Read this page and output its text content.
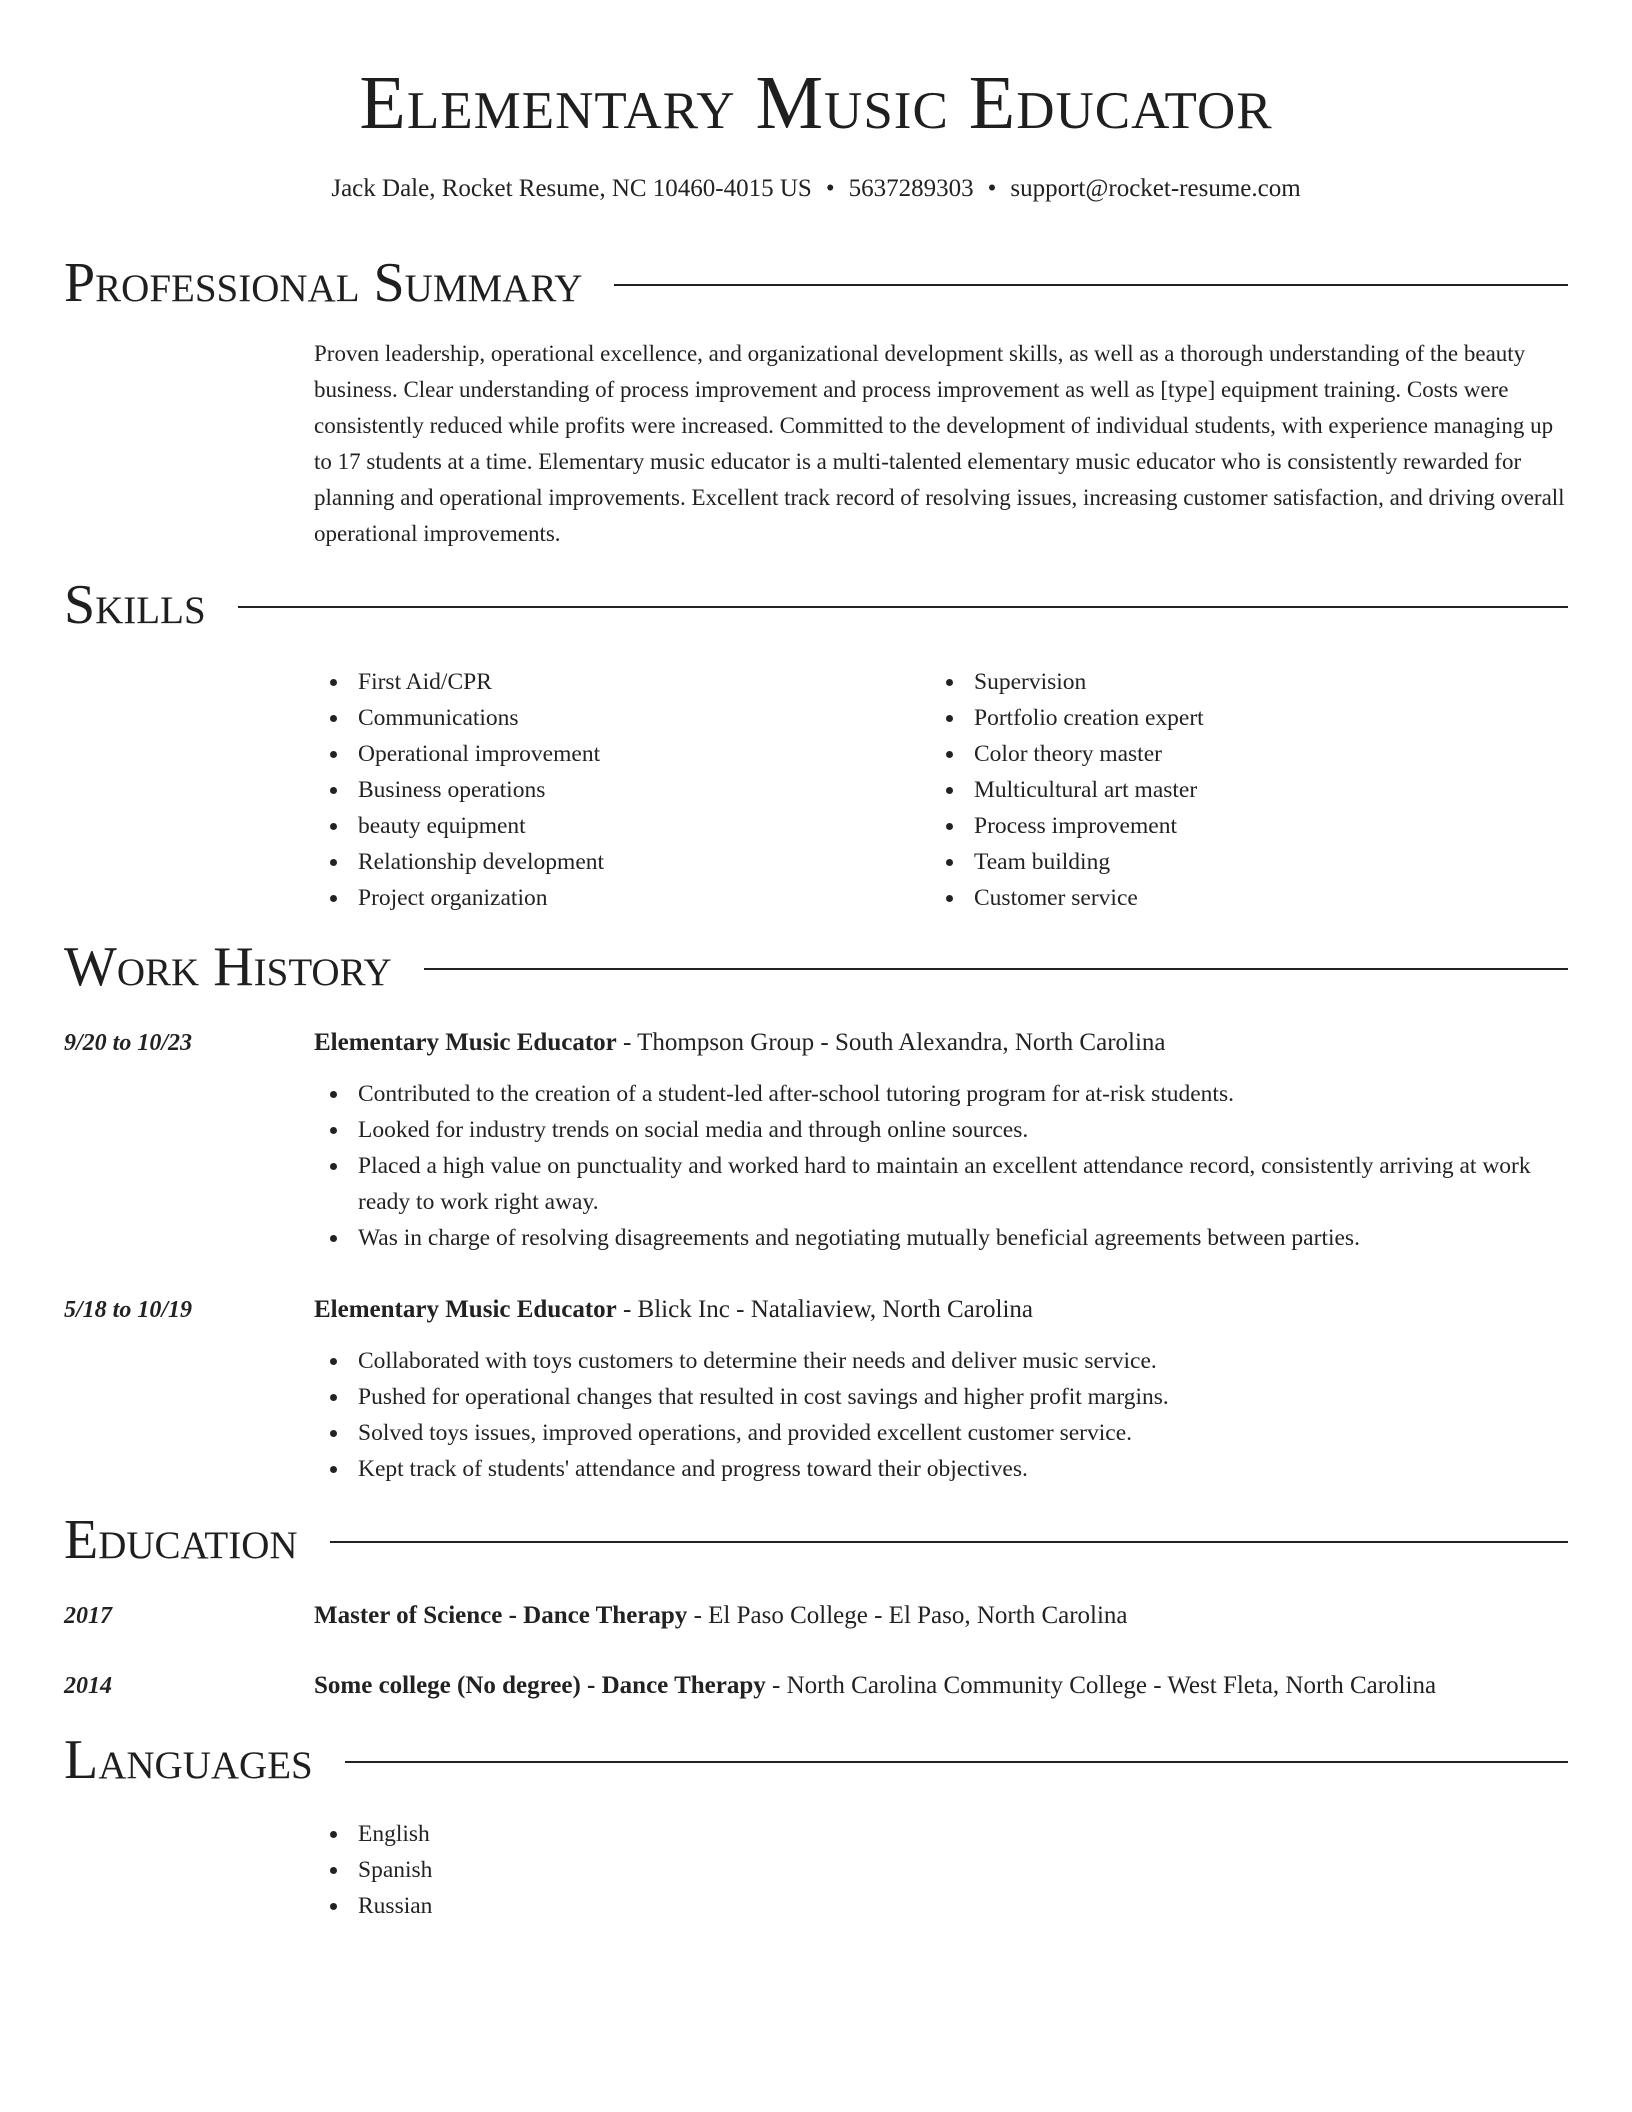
Elementary Music Educator
Jack Dale, Rocket Resume, NC 10460-4015 US • 5637289303 • support@rocket-resume.com
Professional Summary

Proven leadership, operational excellence, and organizational development skills, as well as a thorough understanding of the beauty business. Clear understanding of process improvement and process improvement as well as [type] equipment training. Costs were consistently reduced while profits were increased. Committed to the development of individual students, with experience managing up to 17 students at a time. Elementary music educator is a multi-talented elementary music educator who is consistently rewarded for planning and operational improvements. Excellent track record of resolving issues, increasing customer satisfaction, and driving overall operational improvements.

Skills
First Aid/CPR
Communications
Operational improvement
Business operations
beauty equipment
Relationship development
Project organization
Supervision
Portfolio creation expert
Color theory master
Multicultural art master
Process improvement
Team building
Customer service
Work History
9/20 to 10/23	Elementary Music Educator - Thompson Group - South Alexandra, North Carolina
Contributed to the creation of a student-led after-school tutoring program for at-risk students.
Looked for industry trends on social media and through online sources.
Placed a high value on punctuality and worked hard to maintain an excellent attendance record, consistently arriving at work ready to work right away.
Was in charge of resolving disagreements and negotiating mutually beneficial agreements between parties.
5/18 to 10/19	Elementary Music Educator - Blick Inc - Nataliaview, North Carolina
Collaborated with toys customers to determine their needs and deliver music service.
Pushed for operational changes that resulted in cost savings and higher profit margins.
Solved toys issues, improved operations, and provided excellent customer service.
Kept track of students' attendance and progress toward their objectives.
Education
2017	Master of Science - Dance Therapy - El Paso College - El Paso, North Carolina
2014	Some college (No degree) - Dance Therapy - North Carolina Community College - West Fleta, North Carolina
Languages
English
Spanish
Russian
